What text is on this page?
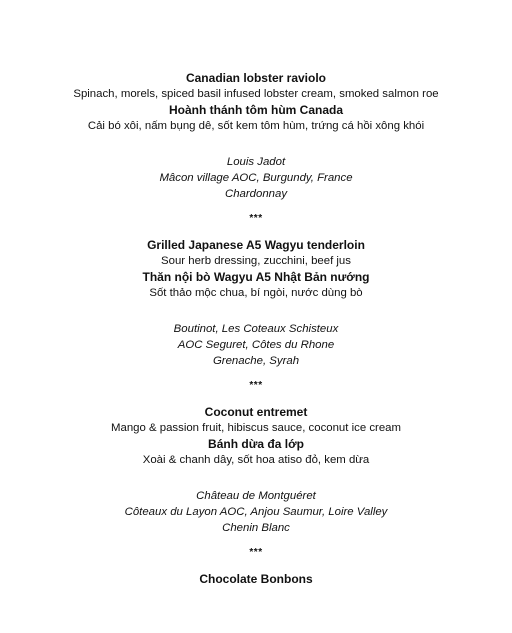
Canadian lobster raviolo
Spinach, morels, spiced basil infused lobster cream, smoked salmon roe
Hoành thánh tôm hùm Canada
Cải bó xôi, nấm bụng dê, sốt kem tôm hùm, trứng cá hồi xông khói
Louis Jadot
Mâcon village AOC, Burgundy, France
Chardonnay
***
Grilled Japanese A5 Wagyu tenderloin
Sour herb dressing, zucchini, beef jus
Thăn nội bò Wagyu A5 Nhật Bản nướng
Sốt thảo mộc chua, bí ngòi, nước dùng bò
Boutinot, Les Coteaux Schisteux
AOC Seguret, Côtes du Rhone
Grenache, Syrah
***
Coconut entremet
Mango & passion fruit, hibiscus sauce, coconut ice cream
Bánh dừa đa lớp
Xoài & chanh dây, sốt hoa atiso đỏ, kem dừa
Château de Montguéret
Côteaux du Layon AOC, Anjou Saumur, Loire Valley
Chenin Blanc
***
Chocolate Bonbons
